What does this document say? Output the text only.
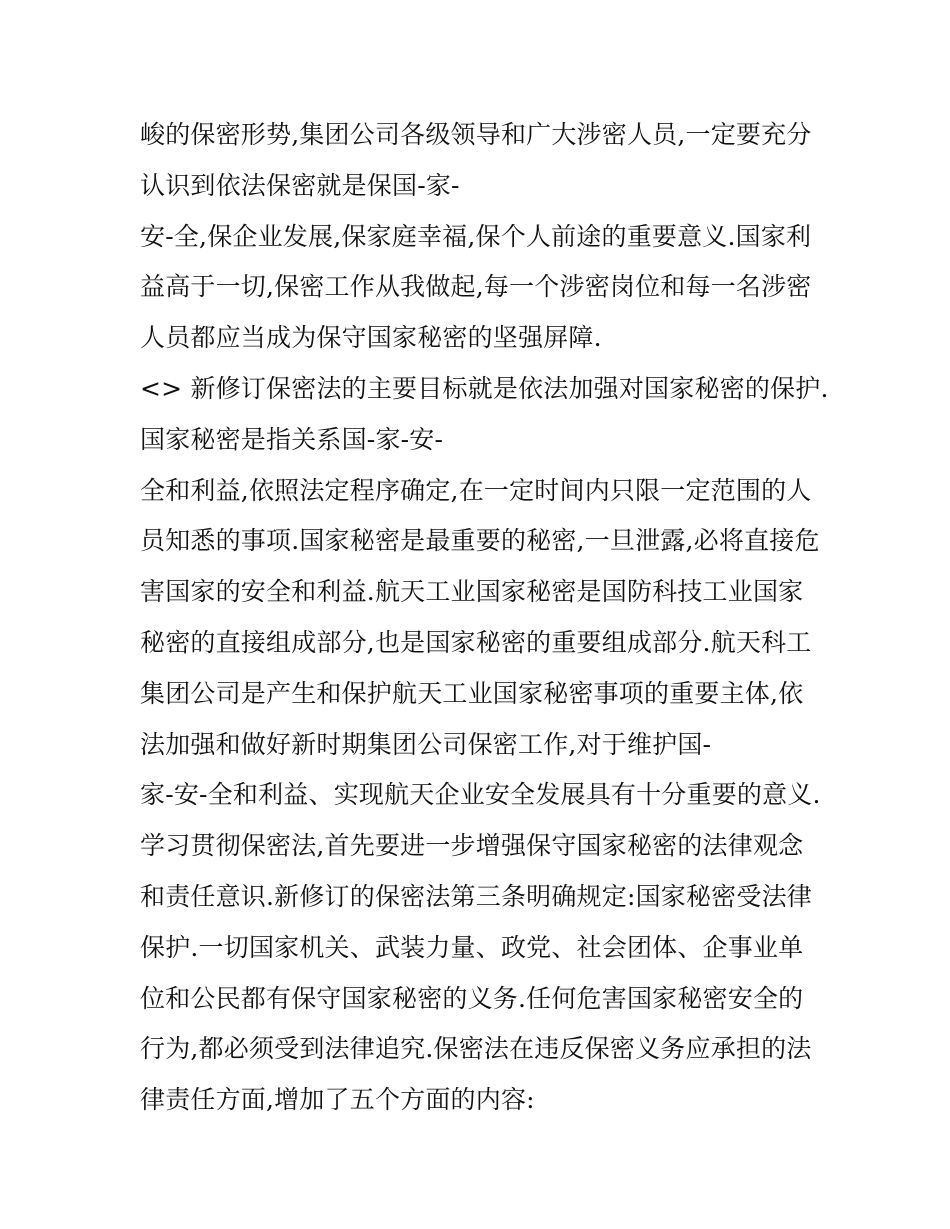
峻的保密形势,集团公司各级领导和广大涉密人员,一定要充分
认识到依法保密就是保国-家-
安-全,保企业发展,保家庭幸福,保个人前途的重要意义.国家利
益高于一切,保密工作从我做起,每一个涉密岗位和每一名涉密
人员都应当成为保守国家秘密的坚强屏障.
<> 新修订保密法的主要目标就是依法加强对国家秘密的保护.
国家秘密是指关系国-家-安-
全和利益,依照法定程序确定,在一定时间内只限一定范围的人
员知悉的事项.国家秘密是最重要的秘密,一旦泄露,必将直接危
害国家的安全和利益.航天工业国家秘密是国防科技工业国家
秘密的直接组成部分,也是国家秘密的重要组成部分.航天科工
集团公司是产生和保护航天工业国家秘密事项的重要主体,依
法加强和做好新时期集团公司保密工作,对于维护国-
家-安-全和利益、实现航天企业安全发展具有十分重要的意义.
学习贯彻保密法,首先要进一步增强保守国家秘密的法律观念
和责任意识.新修订的保密法第三条明确规定:国家秘密受法律
保护.一切国家机关、武装力量、政党、社会团体、企事业单
位和公民都有保守国家秘密的义务.任何危害国家秘密安全的
行为,都必须受到法律追究.保密法在违反保密义务应承担的法
律责任方面,增加了五个方面的内容:
